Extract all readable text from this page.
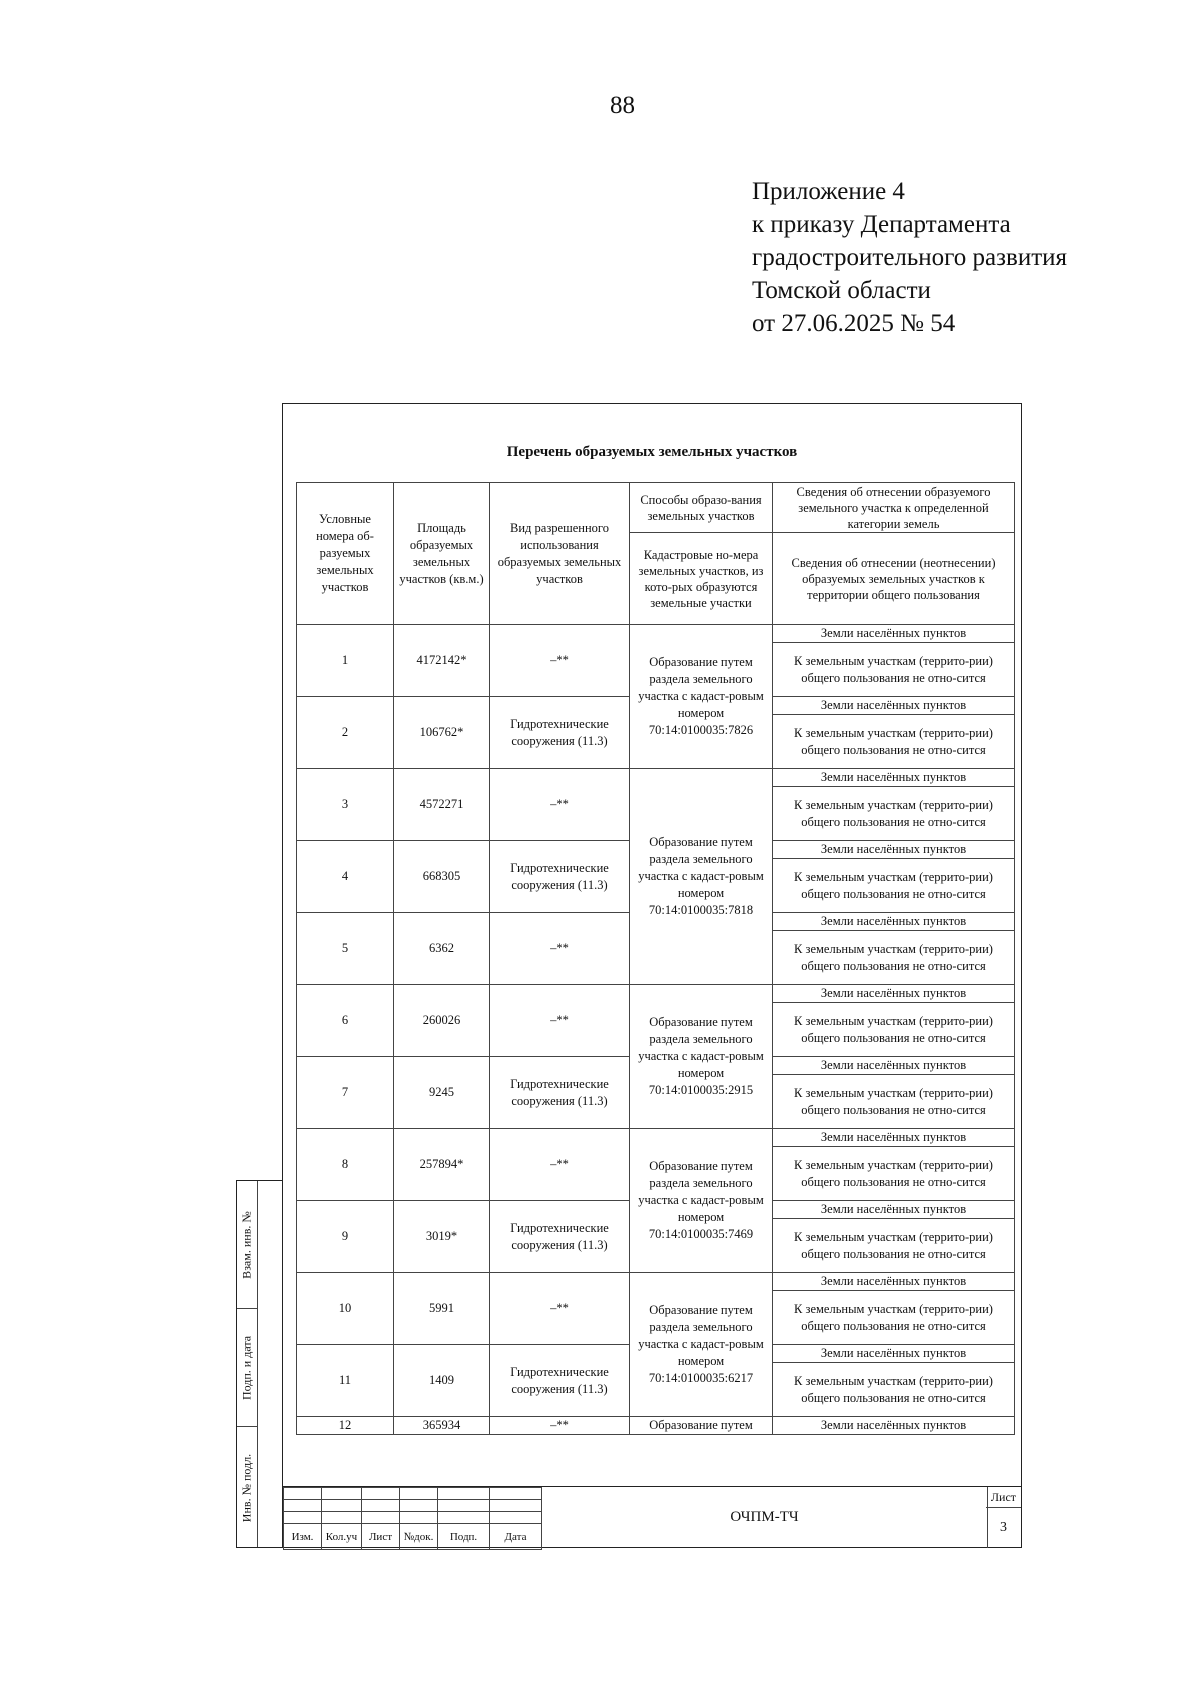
88
Приложение 4
к приказу Департамента
градостроительного развития
Томской области
от 27.06.2025 № 54
Перечень образуемых земельных участков
Условные номера об-разуемых земельных участков	Площадь образуемых земельных участков (кв.м.)	Вид разрешенного использования образуемых земельных участков	Способы образо-вания земельных участков	Сведения об отнесении образуемого земельного участка к определенной категории земель
			Кадастровые но-мера земельных участков, из кото-рых образуются земельные участки	Сведения об отнесении (неотнесении) образуемых земельных участков к территории общего пользования
1	4172142*	–**	Образование путем раздела земельного участка с кадаст-ровым номером 70:14:0100035:7826	Земли населённых пунктов
				К земельным участкам (террито-рии) общего пользования не отно-сится
2	106762*	Гидротехнические сооружения (11.3)		Земли населённых пунктов
				К земельным участкам (террито-рии) общего пользования не отно-сится
3	4572271	–**	Образование путем раздела земельного участка с кадаст-ровым номером 70:14:0100035:7818	Земли населённых пунктов
				К земельным участкам (террито-рии) общего пользования не отно-сится
4	668305	Гидротехнические сооружения (11.3)		Земли населённых пунктов
				К земельным участкам (террито-рии) общего пользования не отно-сится
5	6362	–**		Земли населённых пунктов
				К земельным участкам (террито-рии) общего пользования не отно-сится
6	260026	–**	Образование путем раздела земельного участка с кадаст-ровым номером 70:14:0100035:2915	Земли населённых пунктов
				К земельным участкам (террито-рии) общего пользования не отно-сится
7	9245	Гидротехнические сооружения (11.3)		Земли населённых пунктов
				К земельным участкам (террито-рии) общего пользования не отно-сится
8	257894*	–**	Образование путем раздела земельного участка с кадаст-ровым номером 70:14:0100035:7469	Земли населённых пунктов
				К земельным участкам (террито-рии) общего пользования не отно-сится
9	3019*	Гидротехнические сооружения (11.3)		Земли населённых пунктов
				К земельным участкам (террито-рии) общего пользования не отно-сится
10	5991	–**	Образование путем раздела земельного участка с кадаст-ровым номером 70:14:0100035:6217	Земли населённых пунктов
				К земельным участкам (террито-рии) общего пользования не отно-сится
11	1409	Гидротехнические сооружения (11.3)		Земли населённых пунктов
				К земельным участкам (террито-рии) общего пользования не отно-сится
12	365934	–**	Образование путем	Земли населённых пунктов
Взам. инв. №
Подп. и дата
Инв. № подл.

Изм.	Кол.уч	Лист	№док.	Подп.	Дата
ОЧПМ-ТЧ
Лист
3
